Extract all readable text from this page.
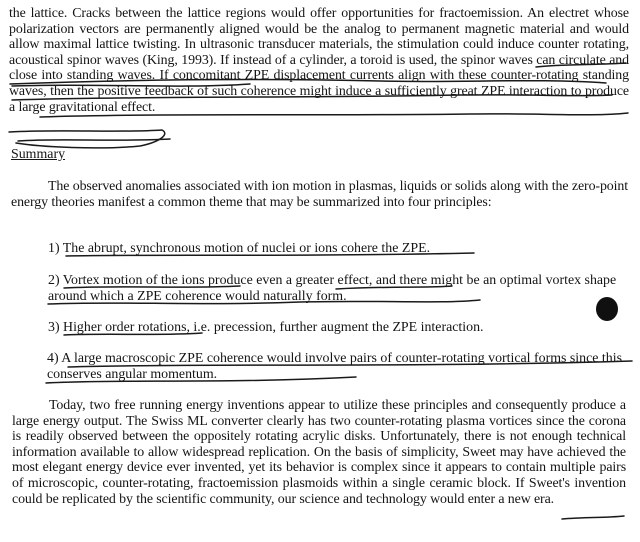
the lattice. Cracks between the lattice regions would offer opportunities for fractoemission. An electret whose polarization vectors are permanently aligned would be the analog to permanent magnetic material and would allow maximal lattice twisting. In ultrasonic transducer materials, the stimulation could induce counter rotating, acoustical spinor waves (King, 1993). If instead of a cylinder, a toroid is used, the spinor waves can circulate and close into standing waves. If concomitant ZPE displacement currents align with these counter-rotating standing waves, then the positive feedback of such coherence might induce a sufficiently great ZPE interaction to produce a large gravitational effect.

Summary

The observed anomalies associated with ion motion in plasmas, liquids or solids along with the zero-point energy theories manifest a common theme that may be summarized into four principles:

1) The abrupt, synchronous motion of nuclei or ions cohere the ZPE.

2) Vortex motion of the ions produce even a greater effect, and there might be an optimal vortex shape around which a ZPE coherence would naturally form.

3) Higher order rotations, i.e. precession, further augment the ZPE interaction.

4) A large macroscopic ZPE coherence would involve pairs of counter-rotating vortical forms since this conserves angular momentum.

Today, two free running energy inventions appear to utilize these principles and consequently produce a large energy output. The Swiss ML converter clearly has two counter-rotating plasma vortices since the corona is readily observed between the oppositely rotating acrylic disks. Unfortunately, there is not enough technical information available to allow widespread replication. On the basis of simplicity, Sweet may have achieved the most elegant energy device ever invented, yet its behavior is complex since it appears to contain multiple pairs of microscopic, counter-rotating, fractoemission plasmoids within a single ceramic block. If Sweet's invention could be replicated by the scientific community, our science and technology would enter a new era.
